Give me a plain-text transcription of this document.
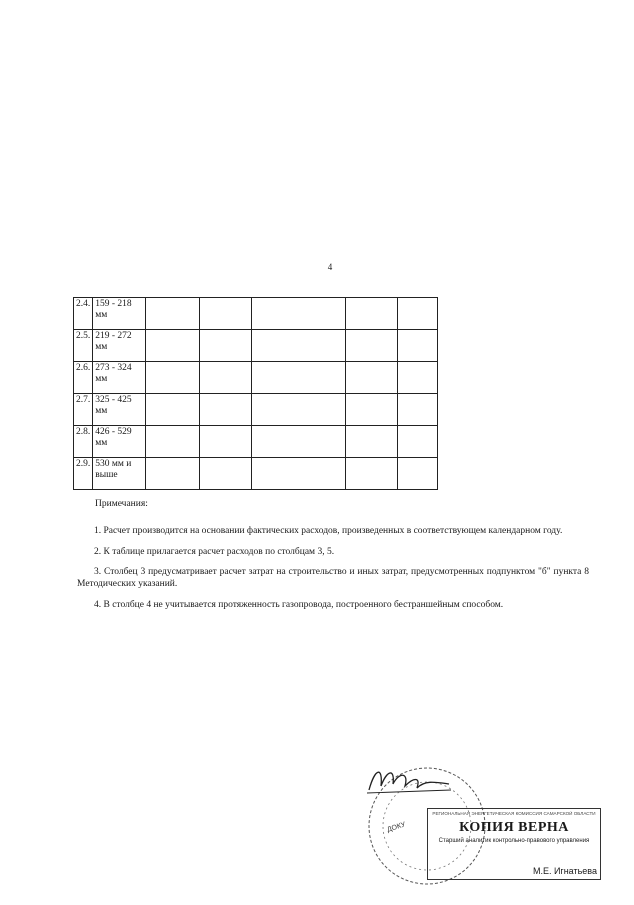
4
2.4.	159 - 218 мм					
2.5.	219 - 272 мм					
2.6.	273 - 324 мм					
2.7.	325 - 425 мм					
2.8.	426 - 529 мм					
2.9.	530 мм и выше					
Примечания:

1. Расчет производится на основании фактических расходов, произведенных в соответствующем календарном году.

2. К таблице прилагается расчет расходов по столбцам 3, 5.

3. Столбец 3 предусматривает расчет затрат на строительство и иных затрат, предусмотренных подпунктом "б" пункта 8 Методических указаний.

4. В столбце 4 не учитывается протяженность газопровода, построенного бестраншейным способом.

ДОКУ
РЕГИОНАЛЬНАЯ ЭНЕРГЕТИЧЕСКАЯ КОМИССИЯ САМАРСКОЙ ОБЛАСТИ
КОПИЯ ВЕРНА
Старший аналитик контрольно-правового управления
М.Е. Игнатьева
